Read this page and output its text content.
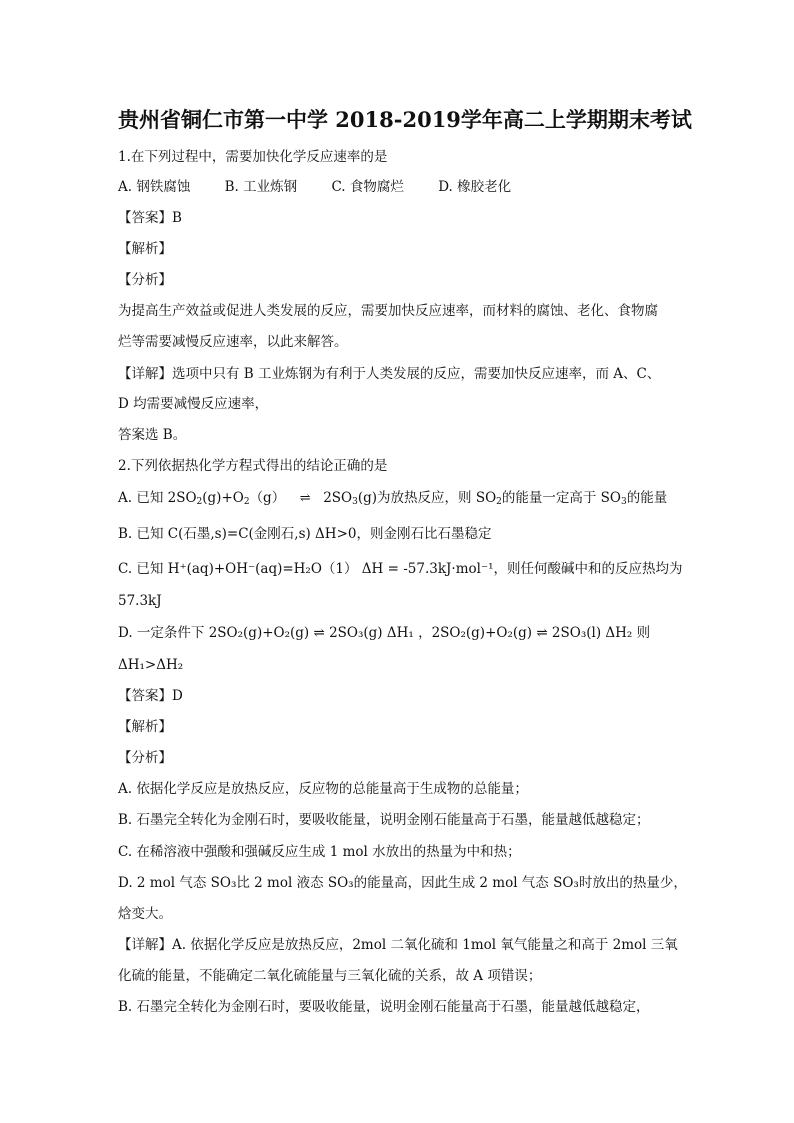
贵州省铜仁市第一中学 2018-2019学年高二上学期期末考试
1.在下列过程中，需要加快化学反应速率的是
A. 钢铁腐蚀	B. 工业炼钢	C. 食物腐烂	D. 橡胶老化
【答案】B
【解析】
【分析】
为提高生产效益或促进人类发展的反应，需要加快反应速率，而材料的腐蚀、老化、食物腐
烂等需要减慢反应速率，以此来解答。
【详解】选项中只有 B 工业炼钢为有利于人类发展的反应，需要加快反应速率，而 A、C、
D 均需要减慢反应速率，
答案选 B。
2.下列依据热化学方程式得出的结论正确的是
A. 已知 $2SO_2(g)+O_2(g)$ ⇌ $2SO_3(g)$为放热反应，则 $SO_2$的能量一定高于 $SO_3$的能量
B. 已知 C(石墨,s)=C(金刚石,s) ΔH>0，则金刚石比石墨稳定
C. 已知 H⁺(aq)+OH⁻(aq)=H₂O（1） ΔH = -57.3kJ·mol⁻¹，则任何酸碱中和的反应热均为
57.3kJ
D. 一定条件下 2SO₂(g)+O₂(g) ⇌ 2SO₃(g) ΔH₁ ，2SO₂(g)+O₂(g) ⇌ 2SO₃(l) ΔH₂ 则
ΔH₁>ΔH₂
【答案】D
【解析】
【分析】
A. 依据化学反应是放热反应，反应物的总能量高于生成物的总能量；
B. 石墨完全转化为金刚石时，要吸收能量，说明金刚石能量高于石墨，能量越低越稳定；
C. 在稀溶液中强酸和强碱反应生成 1 mol 水放出的热量为中和热；
D. 2 mol 气态 SO₃比 2 mol 液态 SO₃的能量高，因此生成 2 mol 气态 SO₃时放出的热量少，
焓变大。
【详解】A. 依据化学反应是放热反应，2mol 二氧化硫和 1mol 氧气能量之和高于 2mol 三氧
化硫的能量，不能确定二氧化硫能量与三氧化硫的关系，故 A 项错误；
B. 石墨完全转化为金刚石时，要吸收能量，说明金刚石能量高于石墨，能量越低越稳定，
